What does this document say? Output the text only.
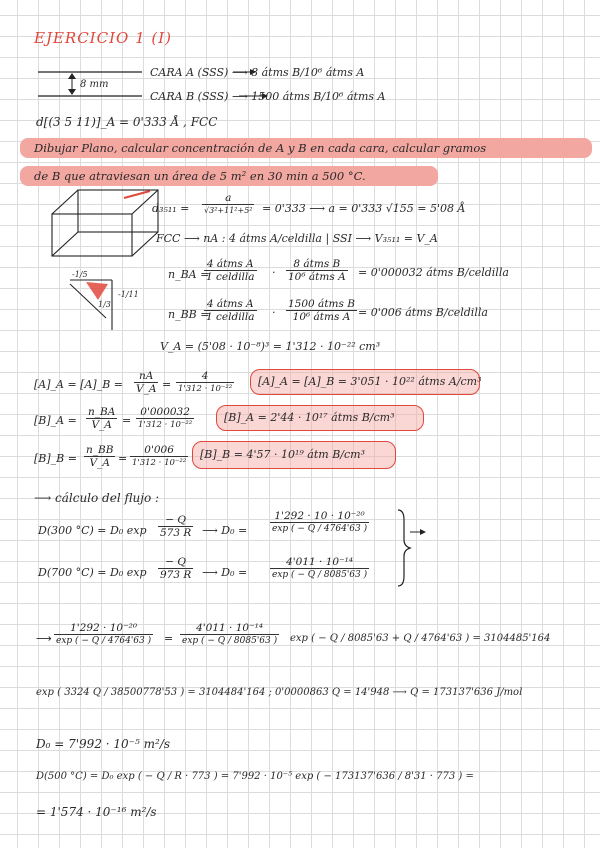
EJERCICIO 1 (I)
CARA A (SSS) ⟶ 8 átms B/10⁶ átms A
8 mm
CARA B (SSS) ⟶ 1500 átms B/10⁶ átms A
d[(3 5 11)]_A = 0'333 Å , FCC
Dibujar Plano, calcular concentración de A y B en cada cara, calcular gramos
de B que atraviesan un área de 5 m² en 30 min a 500 °C.
-1/5
1/3
-1/11
d₃₅₁₁ =
a
√3²+11²+5² = 0'333 ⟶ a = 0'333 √155 = 5'08 Å
FCC ⟶ nA : 4 átms A/celdilla | SSI ⟶ V₃₅₁₁ = V_A
n_BA =
4 átms A
1 celdilla ·
8 átms B
10⁶ átms A = 0'000032 átms B/celdilla
n_BB =
4 átms A
1 celdilla ·
1500 átms B
10⁶ átms A = 0'006 átms B/celdilla
V_A = (5'08 · 10⁻⁸)³ = 1'312 · 10⁻²² cm³
[A]_A = [A]_B = $\frac{nA}{V\_A}$ =
4
1'312 · 10⁻²²
[A]_A = [A]_B = 3'051 · 10²² átms A/cm³
[B]_A = $\frac{n\_BA}{V\_A}$ =
0'000032
1'312 · 10⁻²²
[B]_A = 2'44 · 10¹⁷ átms B/cm³
[B]_B = $\frac{n\_BB}{V\_A}$ =
0'006
1'312 · 10⁻²²
[B]_B = 4'57 · 10¹⁹ átm B/cm³
⟶ cálculo del flujo :
D(300 °C) = D₀ $\exp \frac{- Q}{573 R}$ ⟶ $D_0 = \frac{\text{1'292 · 10 · 10⁻²⁰}}{\exp ( - Q / 4764'63 )}$
D(700 °C) = D₀ $\exp \frac{- Q}{973 R}$ ⟶ $D_0 = \frac{\text{4'011 · 10⁻¹⁴}}{\exp ( - Q / 8085'63 )}$
⟶ $\frac{\text{1'292 · 10⁻²⁰}}{\exp ( - Q / 4764'63 )} = \frac{\text{4'011 · 10⁻¹⁴}}{\exp ( - Q / 8085'63 )}$ exp ( − Q / 8085'63 + Q / 4764'63 ) = 3104485'164
exp ( 3324 Q / 38500778'53 ) = 3104484'164 ; 0'0000863 Q = 14'948 ⟶ Q = 173137'636 J/mol
D₀ = 7'992 · 10⁻⁵ m²/s
D(500 °C) = D₀ exp ( − Q / R · 773 ) = 7'992 · 10⁻⁵ exp ( − 173137'636 / 8'31 · 773 ) =
= 1'574 · 10⁻¹⁶ m²/s
